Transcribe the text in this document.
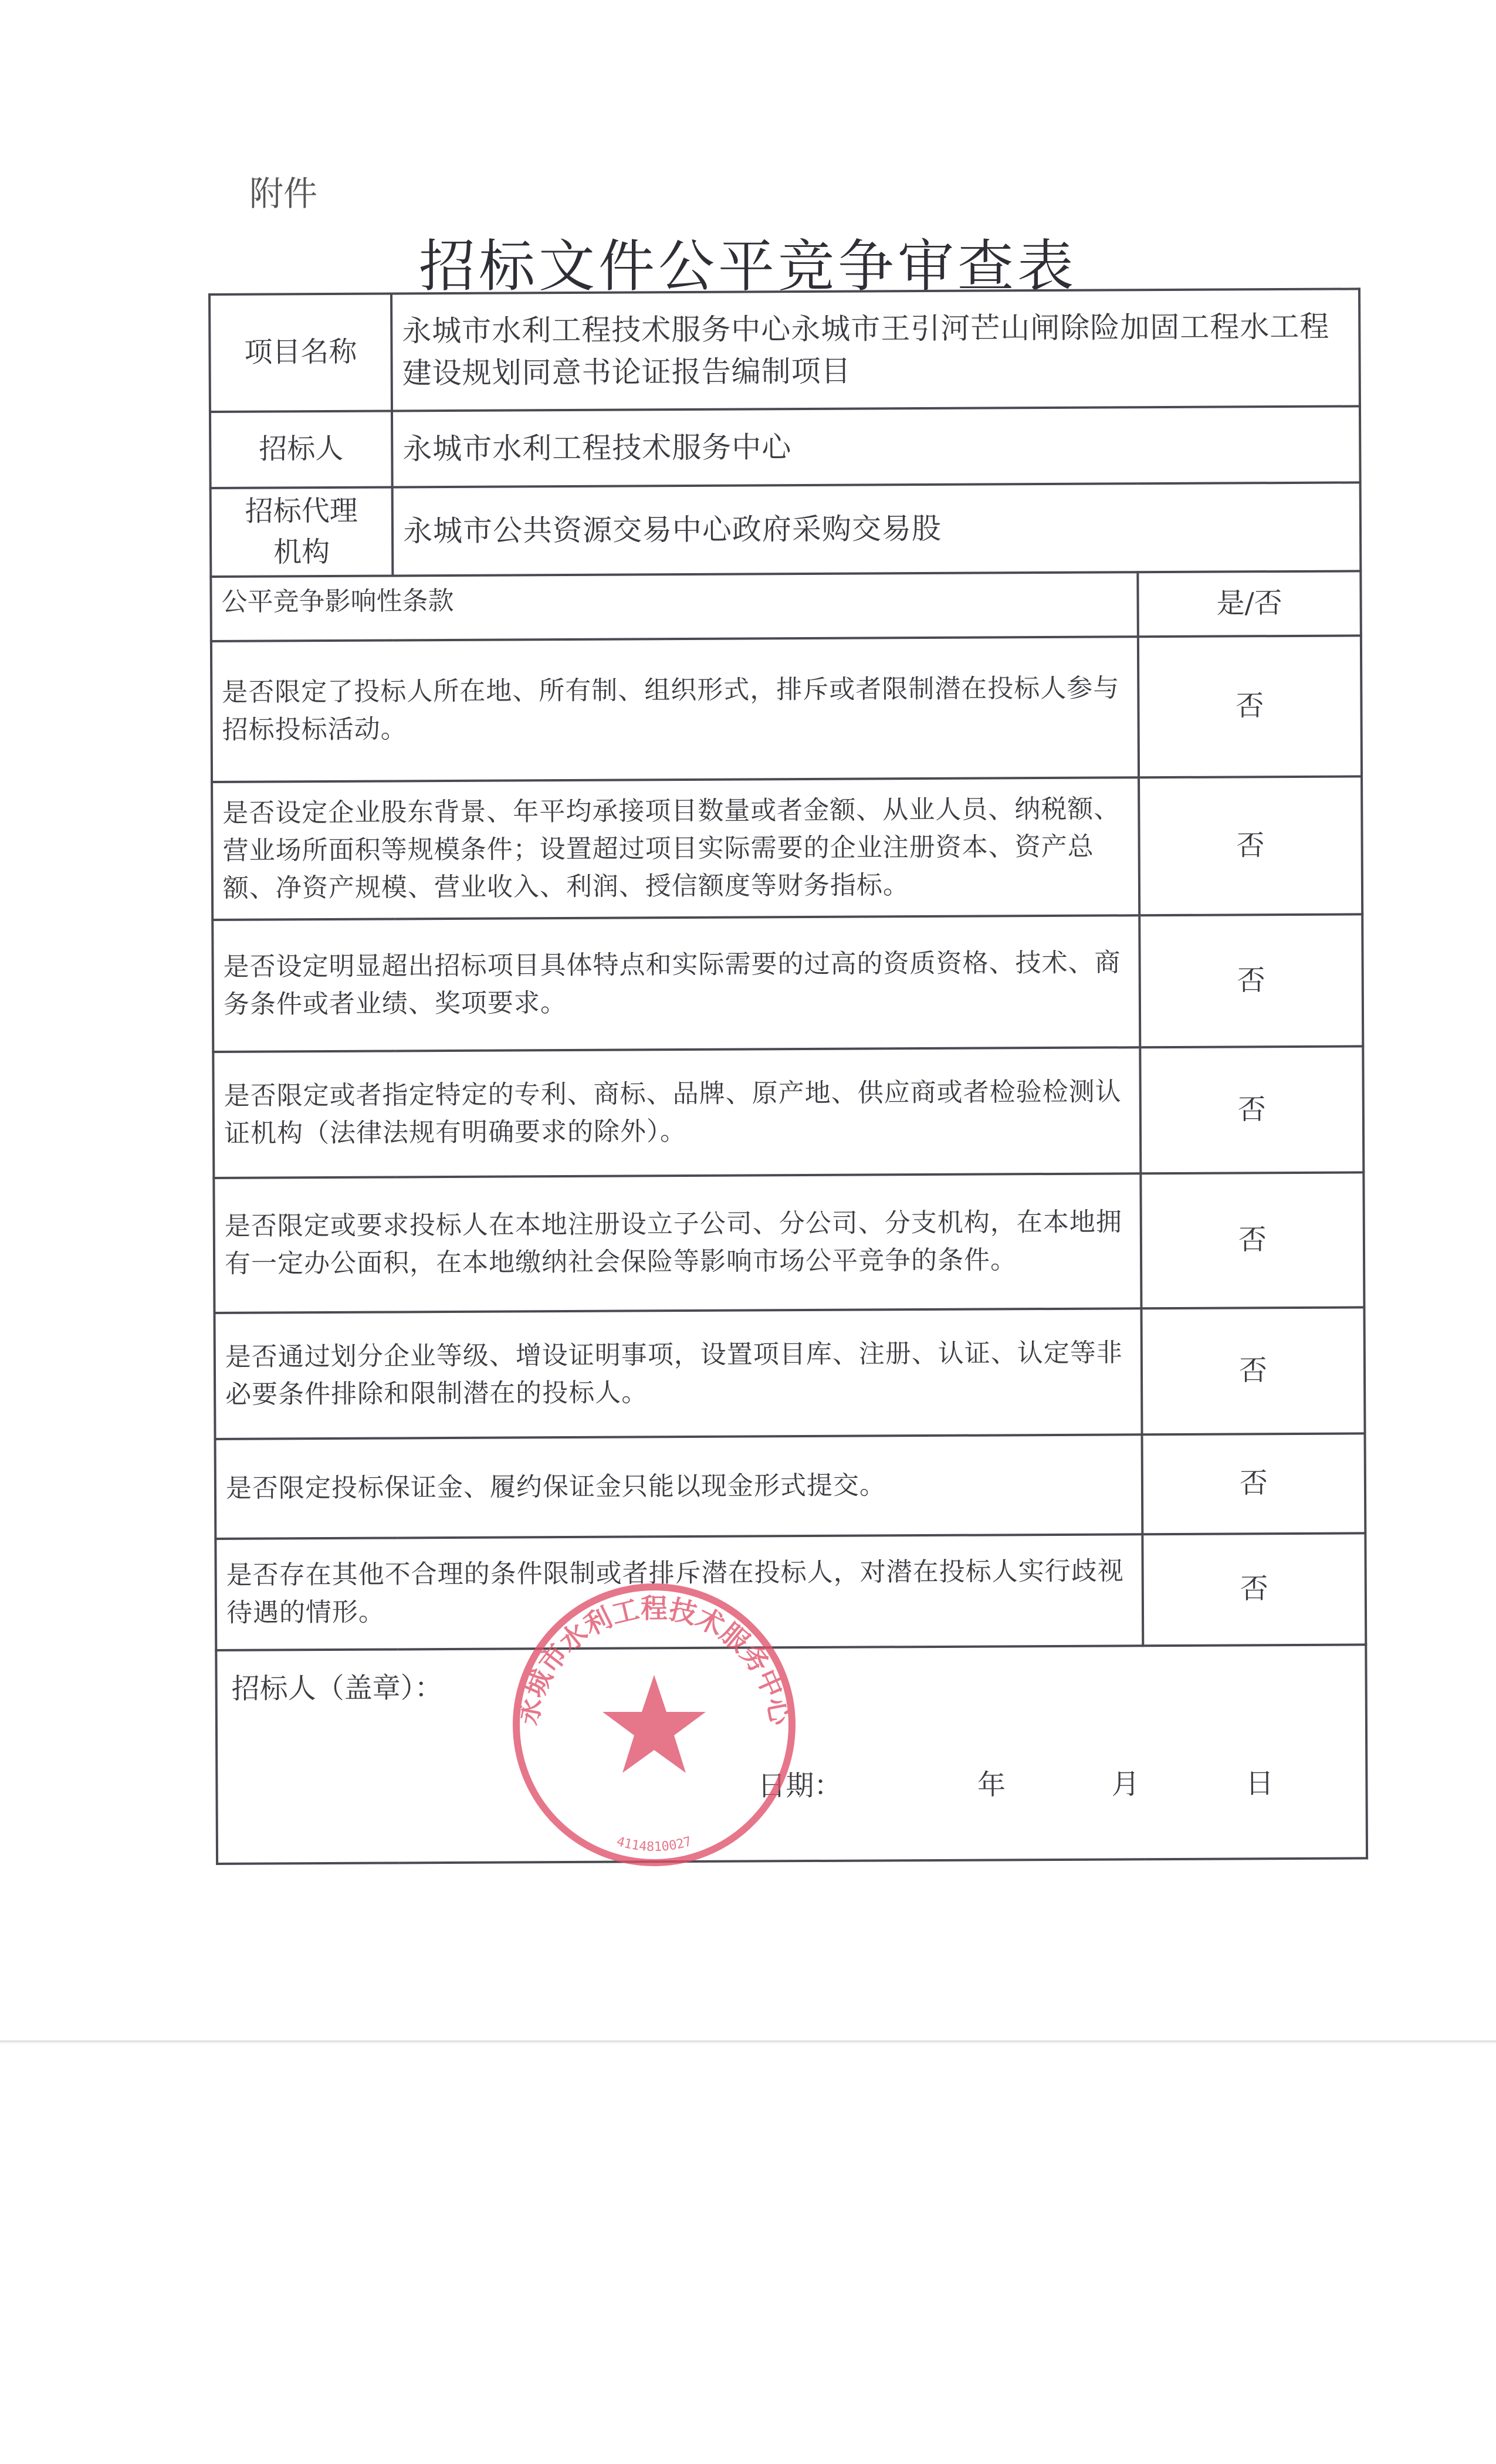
附件
招标文件公平竞争审查表
项目名称	永城市水利工程技术服务中心永城市王引河芒山闸除险加固工程水工程建设规划同意书论证报告编制项目	
招标人	永城市水利工程技术服务中心	
招标代理机构	永城市公共资源交易中心政府采购交易股	
公平竞争影响性条款		是/否
是否限定了投标人所在地、所有制、组织形式，排斥或者限制潜在投标人参与招标投标活动。		否
是否设定企业股东背景、年平均承接项目数量或者金额、从业人员、纳税额、营业场所面积等规模条件；设置超过项目实际需要的企业注册资本、资产总额、净资产规模、营业收入、利润、授信额度等财务指标。		否
是否设定明显超出招标项目具体特点和实际需要的过高的资质资格、技术、商务条件或者业绩、奖项要求。		否
是否限定或者指定特定的专利、商标、品牌、原产地、供应商或者检验检测认证机构（法律法规有明确要求的除外）。		否
是否限定或要求投标人在本地注册设立子公司、分公司、分支机构，在本地拥有一定办公面积，在本地缴纳社会保险等影响市场公平竞争的条件。		否
是否通过划分企业等级、增设证明事项，设置项目库、注册、认证、认定等非必要条件排除和限制潜在的投标人。		否
是否限定投标保证金、履约保证金只能以现金形式提交。		否
是否存在其他不合理的条件限制或者排斥潜在投标人，对潜在投标人实行歧视待遇的情形。		否

招标人（盖章）：
日期： 年 月 日		
永城市水利工程技术服务中心
4114810027
